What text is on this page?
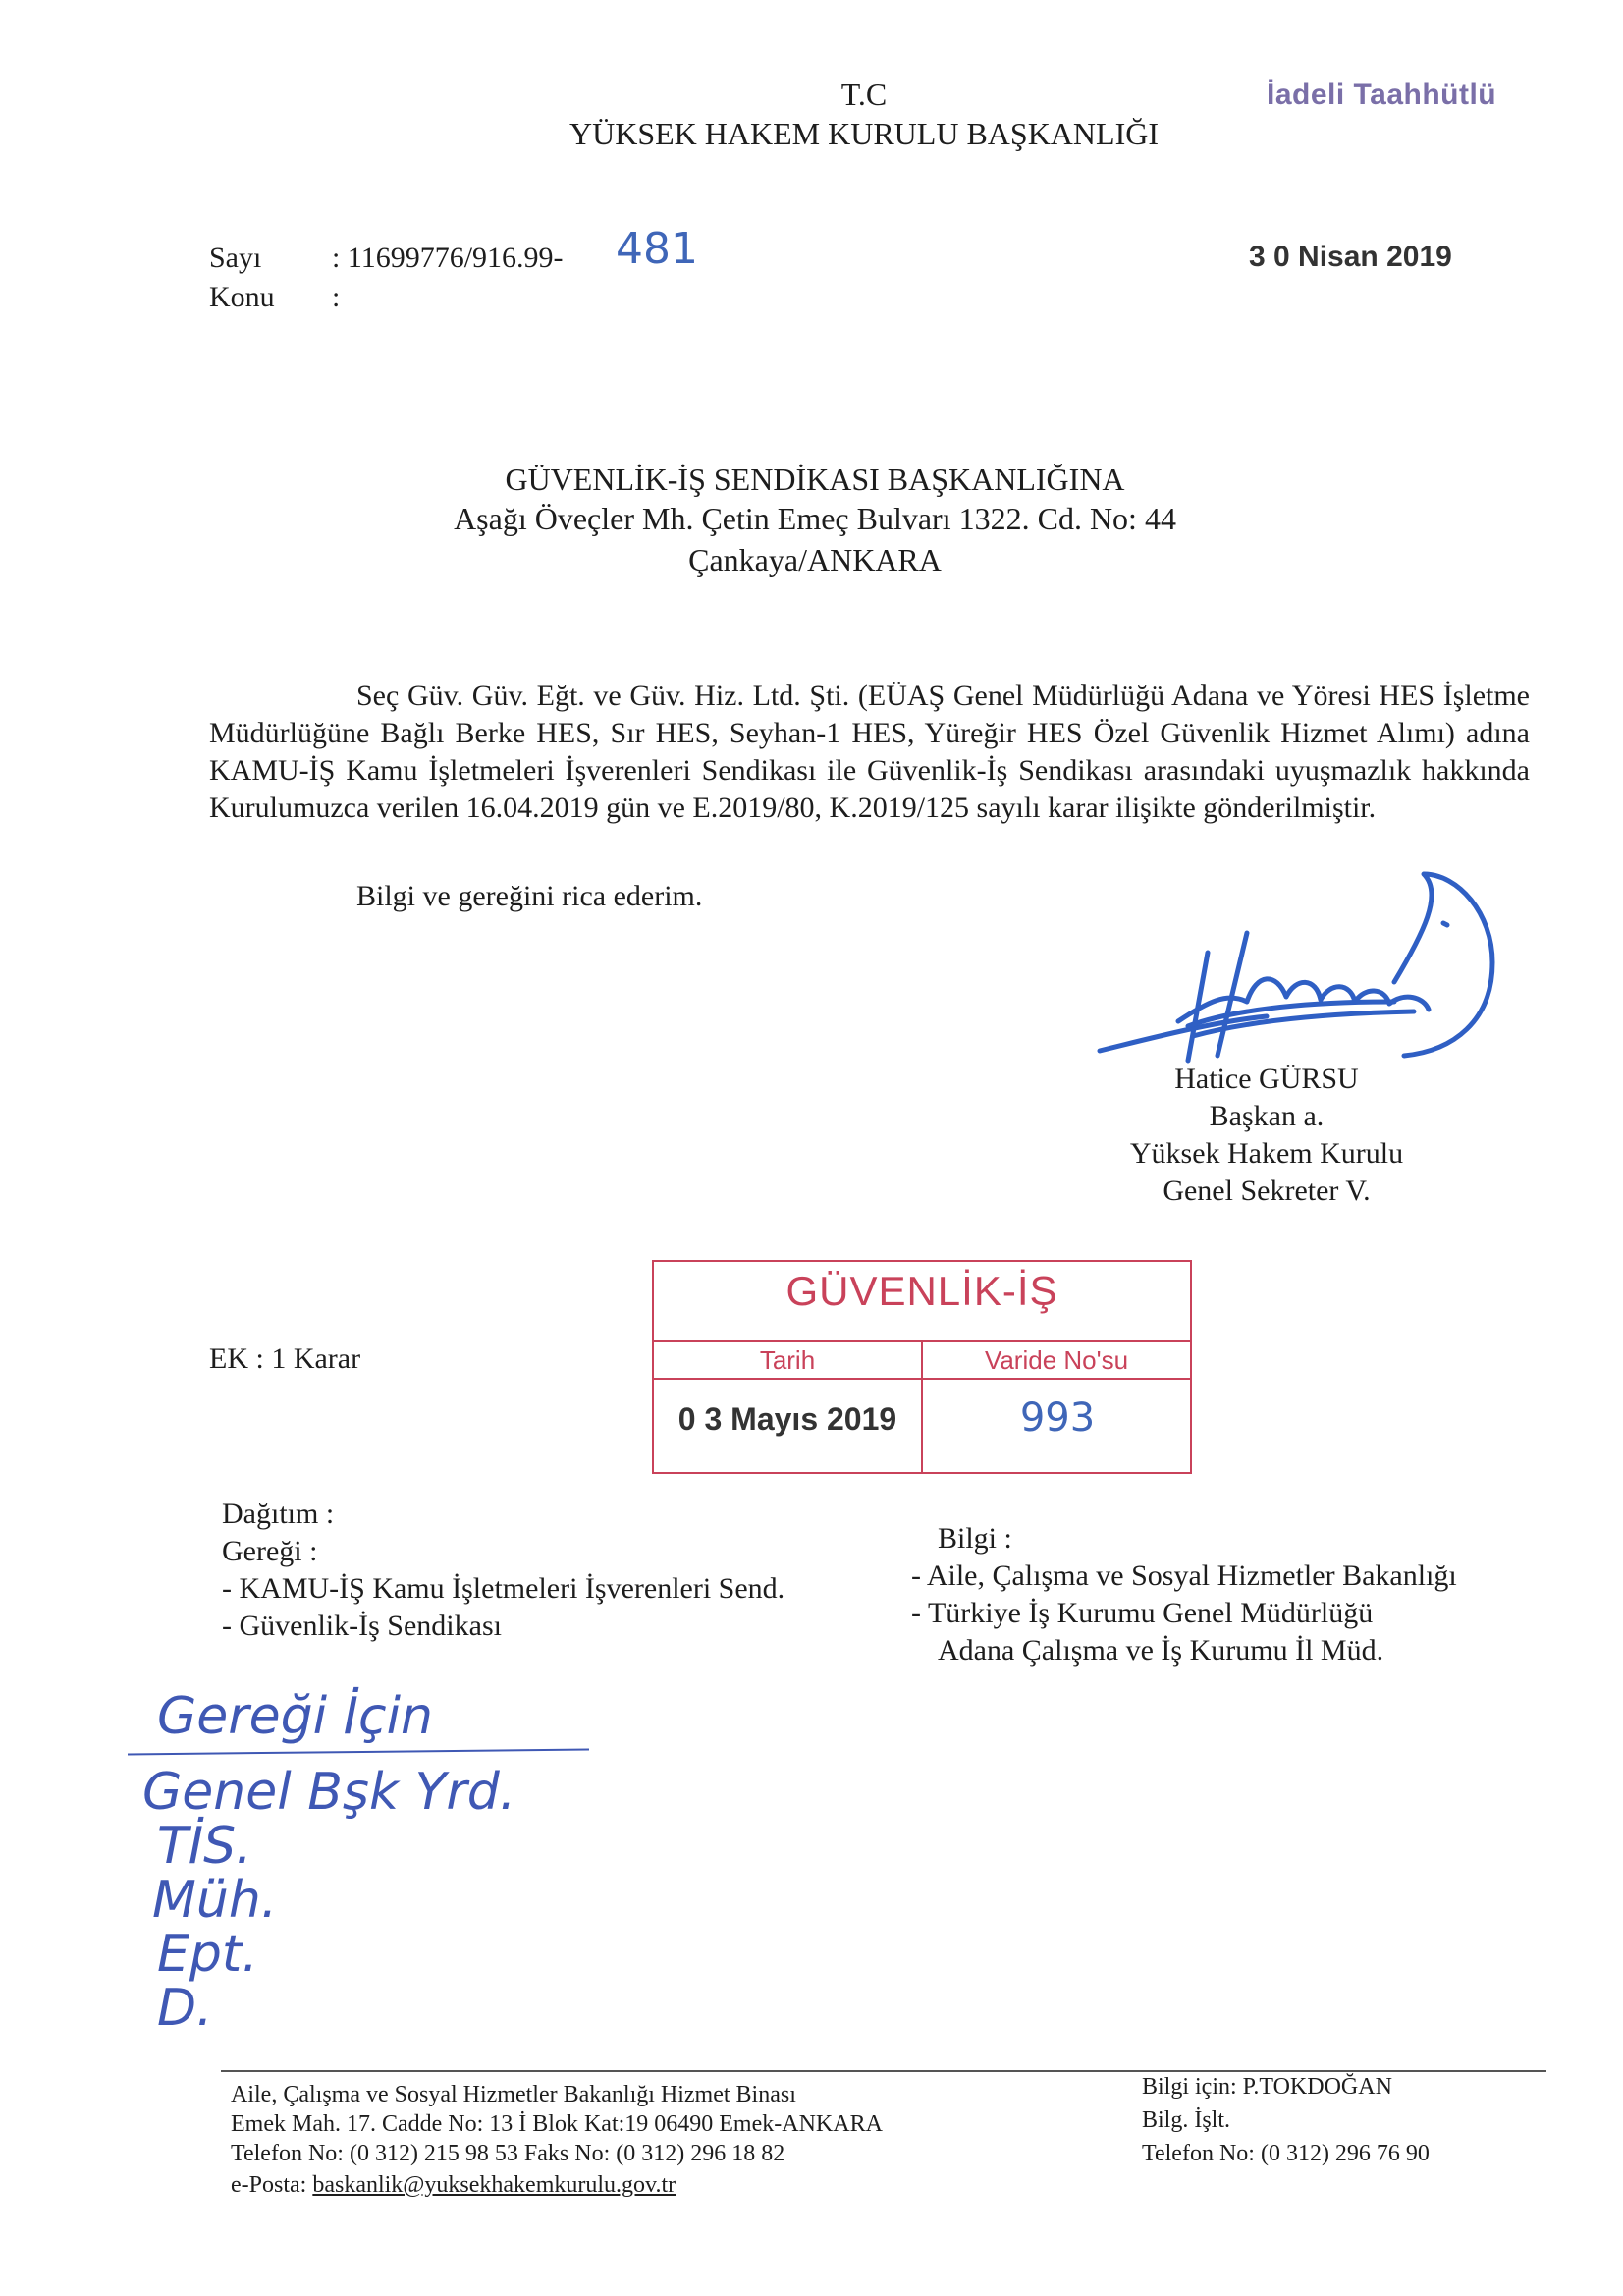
T.C
YÜKSEK HAKEM KURULU BAŞKANLIĞI
İadeli Taahhütlü
Sayı : 11699776/916.99- 481
Konu :
3 0 Nisan 2019
GÜVENLİK-İŞ SENDİKASI BAŞKANLIĞINA
Aşağı Öveçler Mh. Çetin Emeç Bulvarı 1322. Cd. No: 44
Çankaya/ANKARA
Seç Güv. Güv. Eğt. ve Güv. Hiz. Ltd. Şti. (EÜAŞ Genel Müdürlüğü Adana ve Yöresi HES İşletme Müdürlüğüne Bağlı Berke HES, Sır HES, Seyhan-1 HES, Yüreğir HES Özel Güvenlik Hizmet Alımı) adına KAMU-İŞ Kamu İşletmeleri İşverenleri Sendikası ile Güvenlik-İş Sendikası arasındaki uyuşmazlık hakkında Kurulumuzca verilen 16.04.2019 gün ve E.2019/80, K.2019/125 sayılı karar ilişikte gönderilmiştir.
Bilgi ve gereğini rica ederim.
Hatice GÜRSU
Başkan a.
Yüksek Hakem Kurulu
Genel Sekreter V.
GÜVENLİK-İŞ
Tarih	Varide No'su
0 3 Mayıs 2019	993
EK : 1 Karar
Dağıtım :
Gereği :
- KAMU-İŞ Kamu İşletmeleri İşverenleri Send.
- Güvenlik-İş Sendikası
Bilgi :
- Aile, Çalışma ve Sosyal Hizmetler Bakanlığı
- Türkiye İş Kurumu Genel Müdürlüğü
Adana Çalışma ve İş Kurumu İl Müd.
Gereği İçin
Genel Bşk Yrd.
TİS.
Müh.
Ept.
D.
Aile, Çalışma ve Sosyal Hizmetler Bakanlığı Hizmet Binası
Emek Mah. 17. Cadde No: 13 İ Blok Kat:19 06490 Emek-ANKARA
Telefon No: (0 312) 215 98 53 Faks No: (0 312) 296 18 82
e-Posta: baskanlik@yuksekhakemkurulu.gov.tr
Bilgi için: P.TOKDOĞAN
Bilg. İşlt.
Telefon No: (0 312) 296 76 90
